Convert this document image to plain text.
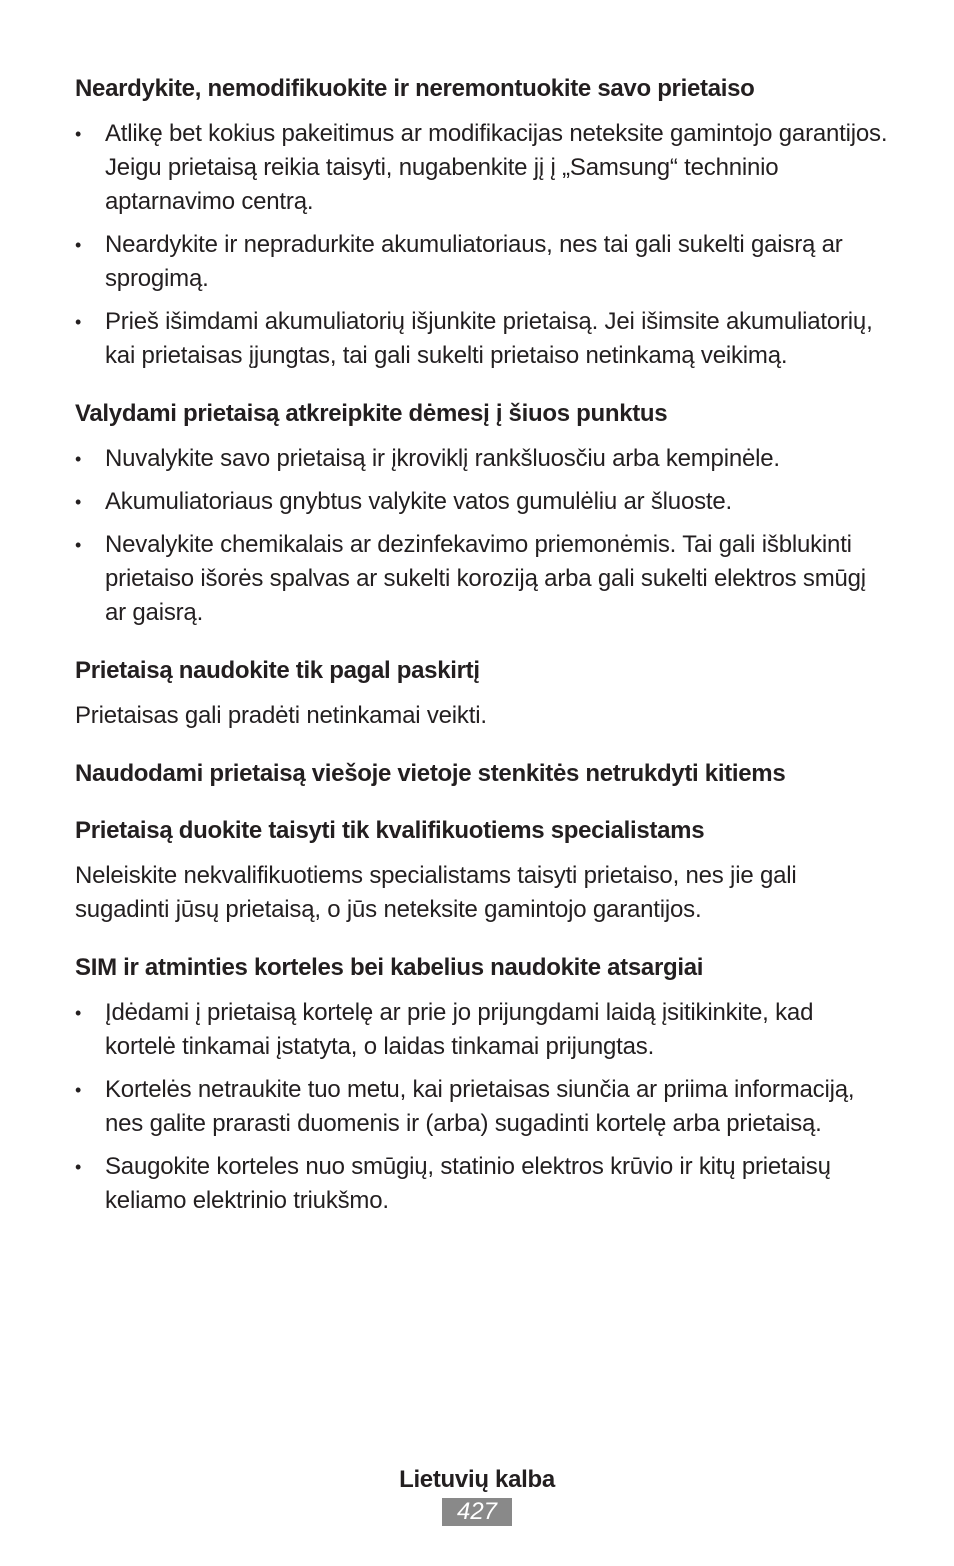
Neardykite, nemodifikuokite ir neremontuokite savo prietaiso
• Atlikę bet kokius pakeitimus ar modifikacijas neteksite gamintojo garantijos. Jeigu prietaisą reikia taisyti, nugabenkite jį į „Samsung“ techninio aptarnavimo centrą.
• Neardykite ir nepradurkite akumuliatoriaus, nes tai gali sukelti gaisrą ar sprogimą.
• Prieš išimdami akumuliatorių išjunkite prietaisą. Jei išimsite akumuliatorių, kai prietaisas įjungtas, tai gali sukelti prietaiso netinkamą veikimą.
Valydami prietaisą atkreipkite dėmesį į šiuos punktus
• Nuvalykite savo prietaisą ir įkroviklį rankšluosčiu arba kempinėle.
• Akumuliatoriaus gnybtus valykite vatos gumulėliu ar šluoste.
• Nevalykite chemikalais ar dezinfekavimo priemonėmis. Tai gali išblukinti prietaiso išorės spalvas ar sukelti koroziją arba gali sukelti elektros smūgį ar gaisrą.
Prietaisą naudokite tik pagal paskirtį

Prietaisas gali pradėti netinkamai veikti.

Naudodami prietaisą viešoje vietoje stenkitės netrukdyti kitiems
Prietaisą duokite taisyti tik kvalifikuotiems specialistams

Neleiskite nekvalifikuotiems specialistams taisyti prietaiso, nes jie gali sugadinti jūsų prietaisą, o jūs neteksite gamintojo garantijos.

SIM ir atminties korteles bei kabelius naudokite atsargiai
• Įdėdami į prietaisą kortelę ar prie jo prijungdami laidą įsitikinkite, kad kortelė tinkamai įstatyta, o laidas tinkamai prijungtas.
• Kortelės netraukite tuo metu, kai prietaisas siunčia ar priima informaciją, nes galite prarasti duomenis ir (arba) sugadinti kortelę arba prietaisą.
• Saugokite korteles nuo smūgių, statinio elektros krūvio ir kitų prietaisų keliamo elektrinio triukšmo.
Lietuvių kalba
427
